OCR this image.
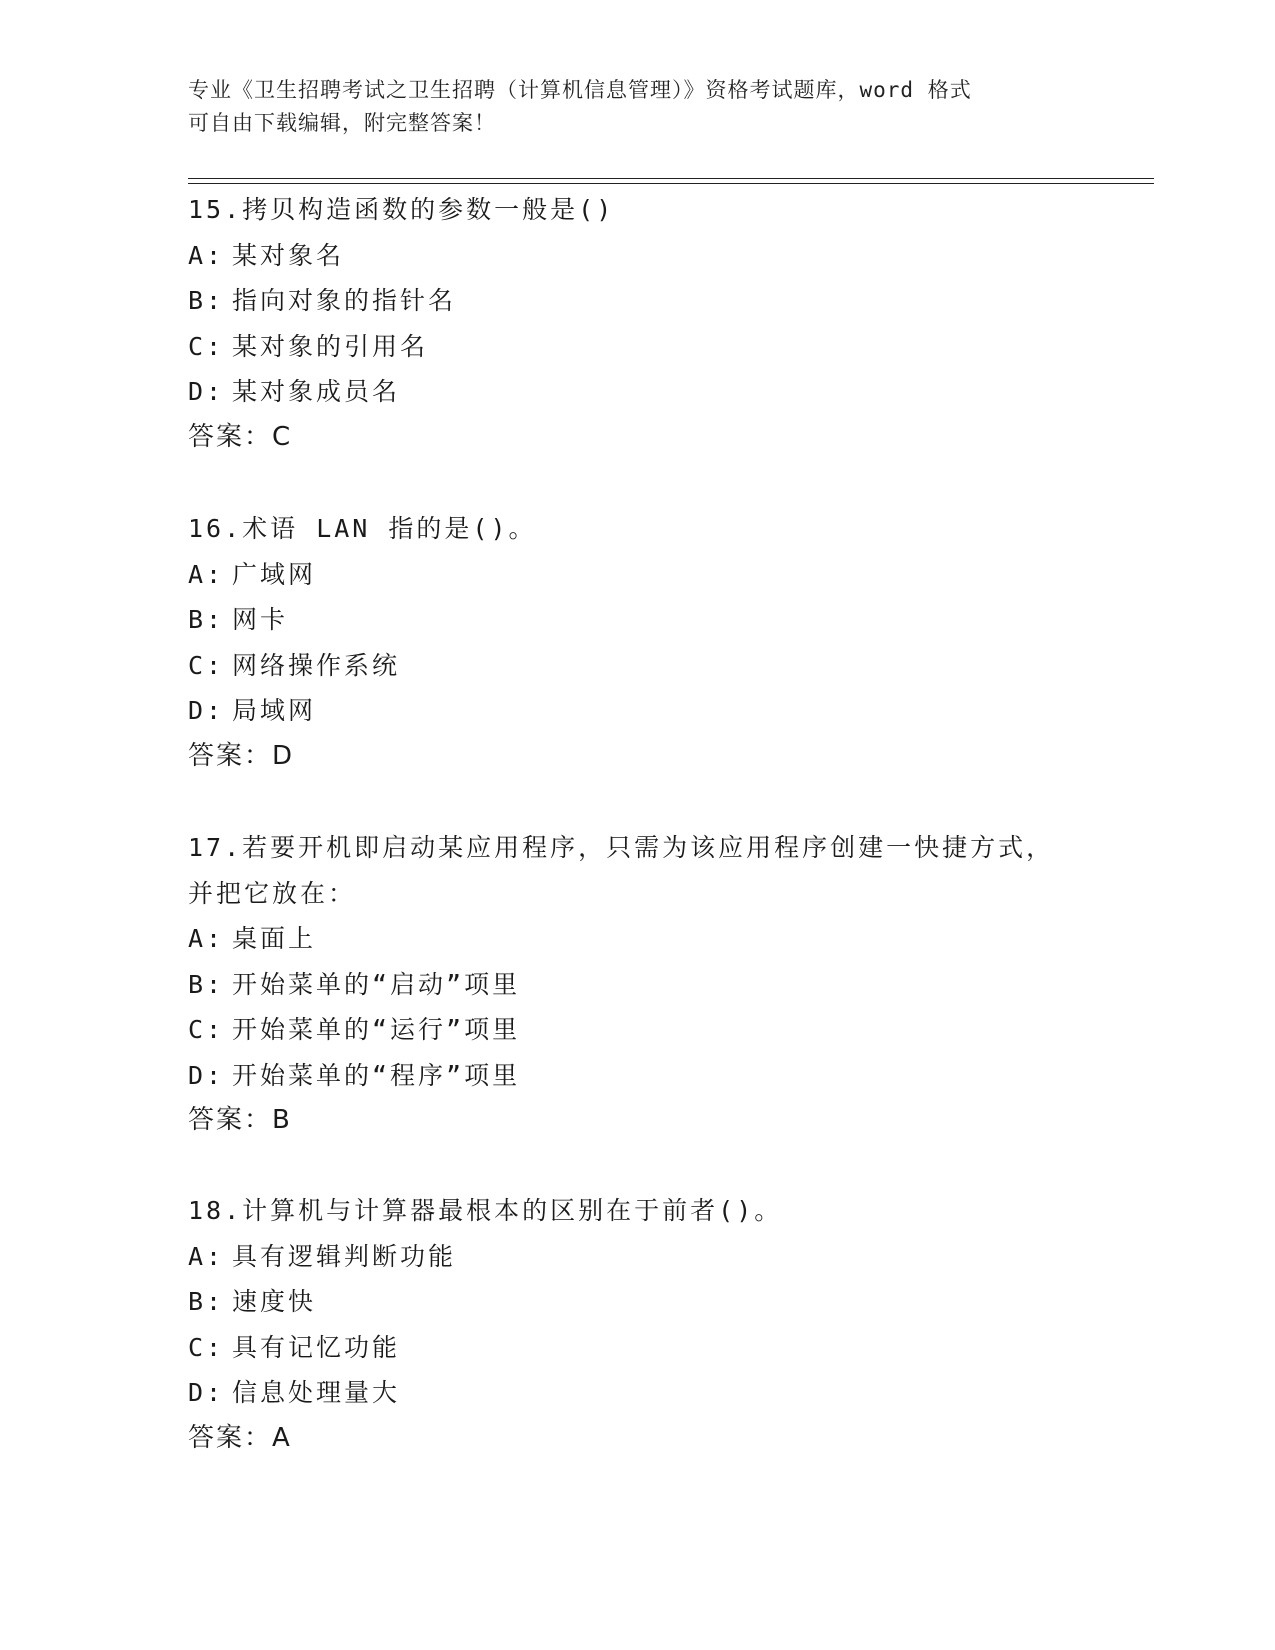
专业《卫生招聘考试之卫生招聘（计算机信息管理）》资格考试题库，word 格式
可自由下载编辑，附完整答案！
15.拷贝构造函数的参数一般是()
A: 某对象名
B: 指向对象的指针名
C: 某对象的引用名
D: 某对象成员名
答案：C
16.术语 LAN 指的是()。
A: 广域网
B: 网卡
C: 网络操作系统
D: 局域网
答案：D
17.若要开机即启动某应用程序，只需为该应用程序创建一快捷方式，
并把它放在：
A: 桌面上
B: 开始菜单的“启动”项里
C: 开始菜单的“运行”项里
D: 开始菜单的“程序”项里
答案：B
18.计算机与计算器最根本的区别在于前者()。
A: 具有逻辑判断功能
B: 速度快
C: 具有记忆功能
D: 信息处理量大
答案：A
